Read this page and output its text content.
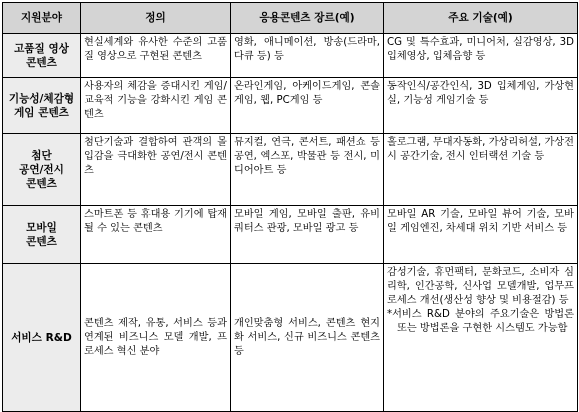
지원분야	정의	응용콘텐츠 장르(예)	주요 기술(예)

고품질 영상
콘텐츠	현실세계와 유사한 수준의 고품질 영상으로 구현된 콘텐츠	영화, 애니메이션, 방송(드라마, 다큐 등) 등	CG 및 특수효과, 미니어처, 실감영상, 3D 입체영상, 입체음향 등

기능성/체감형
게임 콘텐츠	사용자의 체감을 증대시킨 게임/ 교육적 기능을 강화시킨 게임 콘텐츠	온라인게임, 아케이드게임, 콘솔게임, 웹, PC게임 등	동작인식/공간인식, 3D 입체게임, 가상현실, 기능성 게임기술 등

첨단
공연/전시
콘텐츠	첨단기술과 결합하여 관객의 몰입감을 극대화한 공연/전시 콘텐츠	뮤지컬, 연극, 콘서트, 패션쇼 등 공연, 엑스포, 박물관 등 전시, 미디어아트 등	홀로그램, 무대자동화, 가상리허설, 가상전시 공간기술, 전시 인터랙션 기술 등

모바일
콘텐츠	스마트폰 등 휴대용 기기에 탑재될 수 있는 콘텐츠	모바일 게임, 모바일 출판, 유비쿼터스 관광, 모바일 광고 등	모바일 AR 기술, 모바일 뷰어 기술, 모바일 게임엔진, 차세대 위치 기반 서비스 등

서비스 R&D	콘텐츠 제작, 유통, 서비스 등과 연계된 비즈니스 모델 개발, 프로세스 혁신 분야	개인맞춤형 서비스, 콘텐츠 현지화 서비스, 신규 비즈니스 콘텐츠 등	감성기술, 휴먼팩터, 문화코드, 소비자 심리학, 인간공학, 신사업 모델개발, 업무프로세스 개선(생산성 향상 및 비용절감) 등
*서비스 R&D 분야의 주요기술은 방법론 또는 방법론을 구현한 시스템도 가능함
